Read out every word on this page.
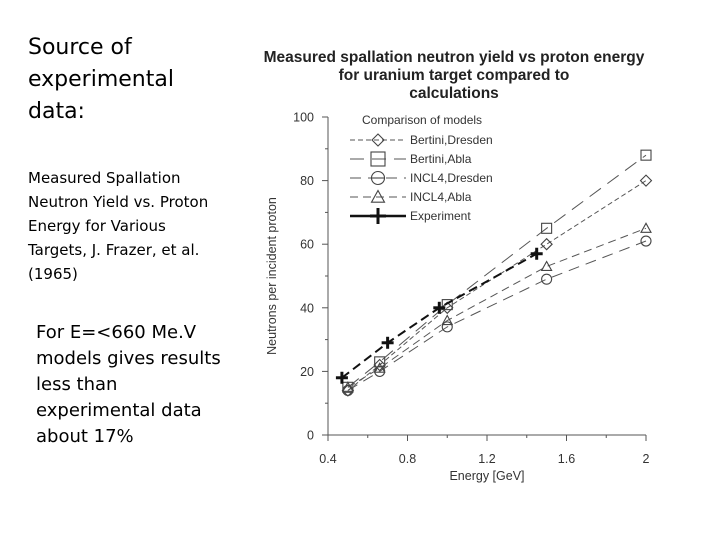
Source of experimental data:
Measured Spallation Neutron Yield vs. Proton Energy for Various Targets, J. Frazer, et al. (1965)
For E=<660 Me.V models gives results less than experimental data about 17%
Measured spallation neutron yield vs proton energy
for uranium target compared to
calculations
0
20
40
60
80
100
0.4	0.8	1.2	1.6	2
Energy [GeV]
Neutrons per incident proton
Comparison of models
Bertini,Dresden
Bertini,Abla
INCL4,Dresden
INCL4,Abla
Experiment
